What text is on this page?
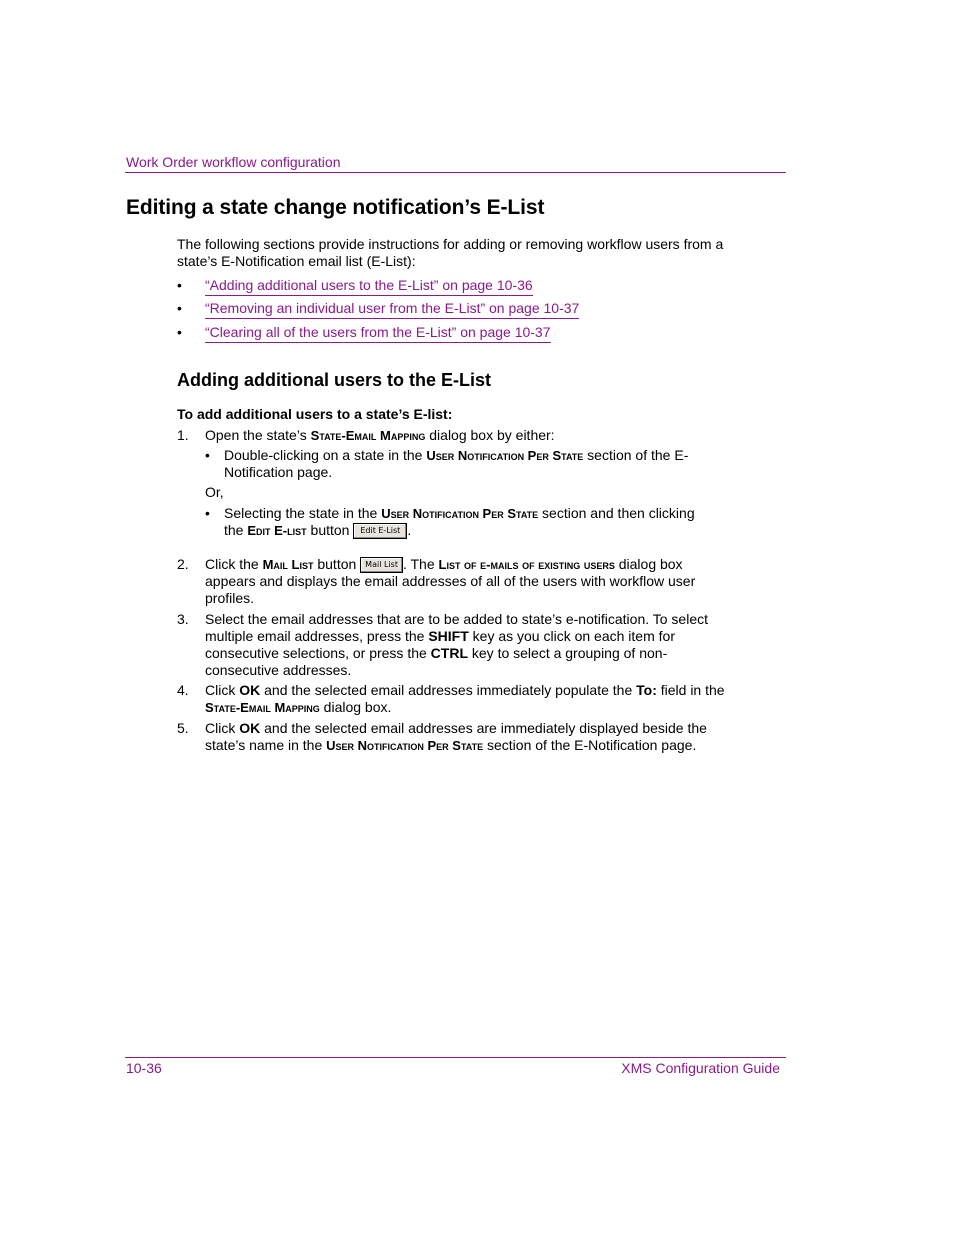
Work Order workflow configuration
Editing a state change notification’s E-List
The following sections provide instructions for adding or removing workflow users from a state’s E-Notification email list (E-List):
• “Adding additional users to the E-List” on page 10-36
• “Removing an individual user from the E-List” on page 10-37
• “Clearing all of the users from the E-List” on page 10-37
Adding additional users to the E-List
To add additional users to a state’s E-list:
1. Open the state’s State-Email Mapping dialog box by either:
• Double-clicking on a state in the User Notification Per State section of the E-Notification page.
Or,
• Selecting the state in the User Notification Per State section and then clicking the Edit E-list button Edit E-List .
2. Click the Mail List button Mail List . The List of e-mails of existing users dialog box appears and displays the email addresses of all of the users with workflow user profiles.
3. Select the email addresses that are to be added to state’s e-notification. To select multiple email addresses, press the SHIFT key as you click on each item for consecutive selections, or press the CTRL key to select a grouping of non-consecutive addresses.
4. Click OK and the selected email addresses immediately populate the To: field in the State-Email Mapping dialog box.
5. Click OK and the selected email addresses are immediately displayed beside the state’s name in the User Notification Per State section of the E-Notification page.
10-36	XMS Configuration Guide
